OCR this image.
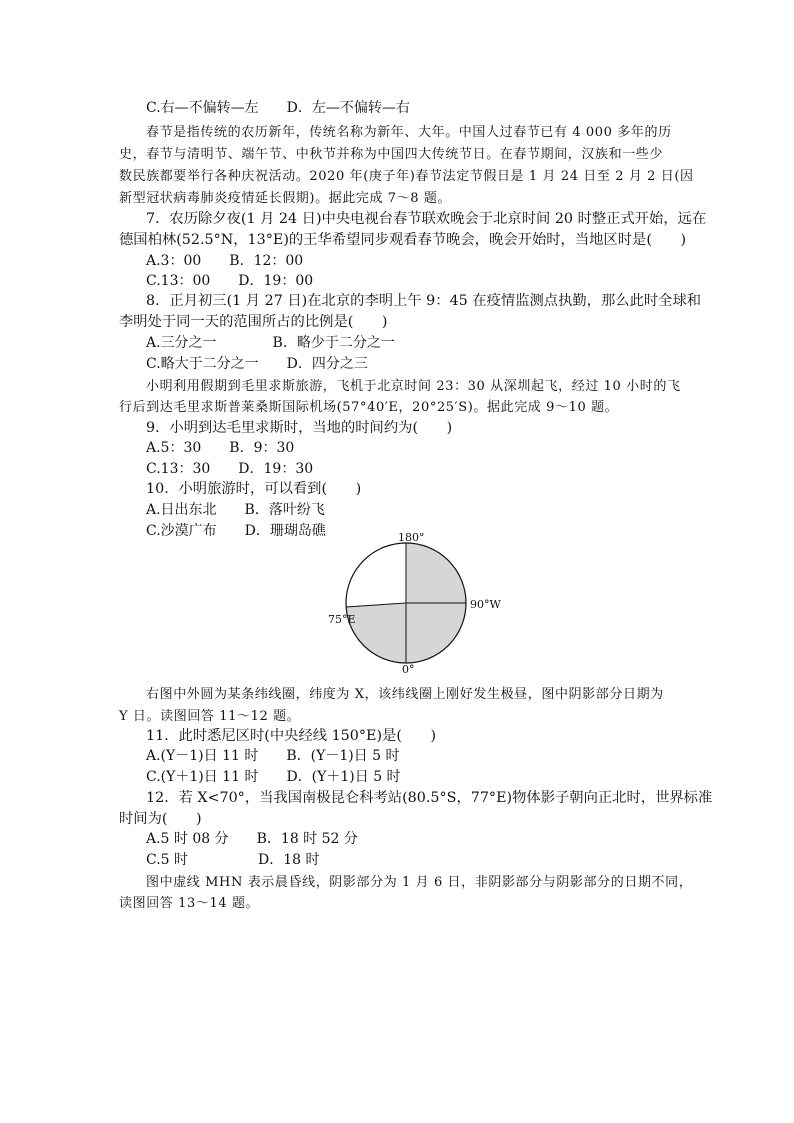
C.右—不偏转—左　　D．左—不偏转—右
春节是指传统的农历新年，传统名称为新年、大年。中国人过春节已有 4 000 多年的历
史，春节与清明节、端午节、中秋节并称为中国四大传统节日。在春节期间，汉族和一些少
数民族都要举行各种庆祝活动。2020 年(庚子年)春节法定节假日是 1 月 24 日至 2 月 2 日(因
新型冠状病毒肺炎疫情延长假期)。据此完成 7～8 题。
7．农历除夕夜(1 月 24 日)中央电视台春节联欢晚会于北京时间 20 时整正式开始，远在
德国柏林(52.5°N，13°E)的王华希望同步观看春节晚会，晚会开始时，当地区时是(　　)
A.3：00　　B．12：00
C.13：00　　D．19：00
8．正月初三(1 月 27 日)在北京的李明上午 9：45 在疫情监测点执勤，那么此时全球和
李明处于同一天的范围所占的比例是(　　)
A.三分之一　　　　B．略少于二分之一
C.略大于二分之一　　D．四分之三
小明利用假期到毛里求斯旅游，飞机于北京时间 23：30 从深圳起飞，经过 10 小时的飞
行后到达毛里求斯普莱桑斯国际机场(57°40′E，20°25′S)。据此完成 9～10 题。
9．小明到达毛里求斯时，当地的时间约为(　　)
A.5：30　　B．9：30
C.13：30　　D．19：30
10．小明旅游时，可以看到(　　)
A.日出东北　　B．落叶纷飞
C.沙漠广布　　D．珊瑚岛礁	180°
90°W
75°E
0°
右图中外圆为某条纬线圈，纬度为 X，该纬线圈上刚好发生极昼，图中阴影部分日期为
Y 日。读图回答 11～12 题。
11．此时悉尼区时(中央经线 150°E)是(　　)
A.(Y－1)日 11 时　　B．(Y－1)日 5 时
C.(Y＋1)日 11 时　　D．(Y＋1)日 5 时
12．若 X<70°，当我国南极昆仑科考站(80.5°S，77°E)物体影子朝向正北时，世界标准
时间为(　　)
A.5 时 08 分　　B．18 时 52 分
C.5 时　　　　　D．18 时
图中虚线 MHN 表示晨昏线，阴影部分为 1 月 6 日，非阴影部分与阴影部分的日期不同，
读图回答 13～14 题。
